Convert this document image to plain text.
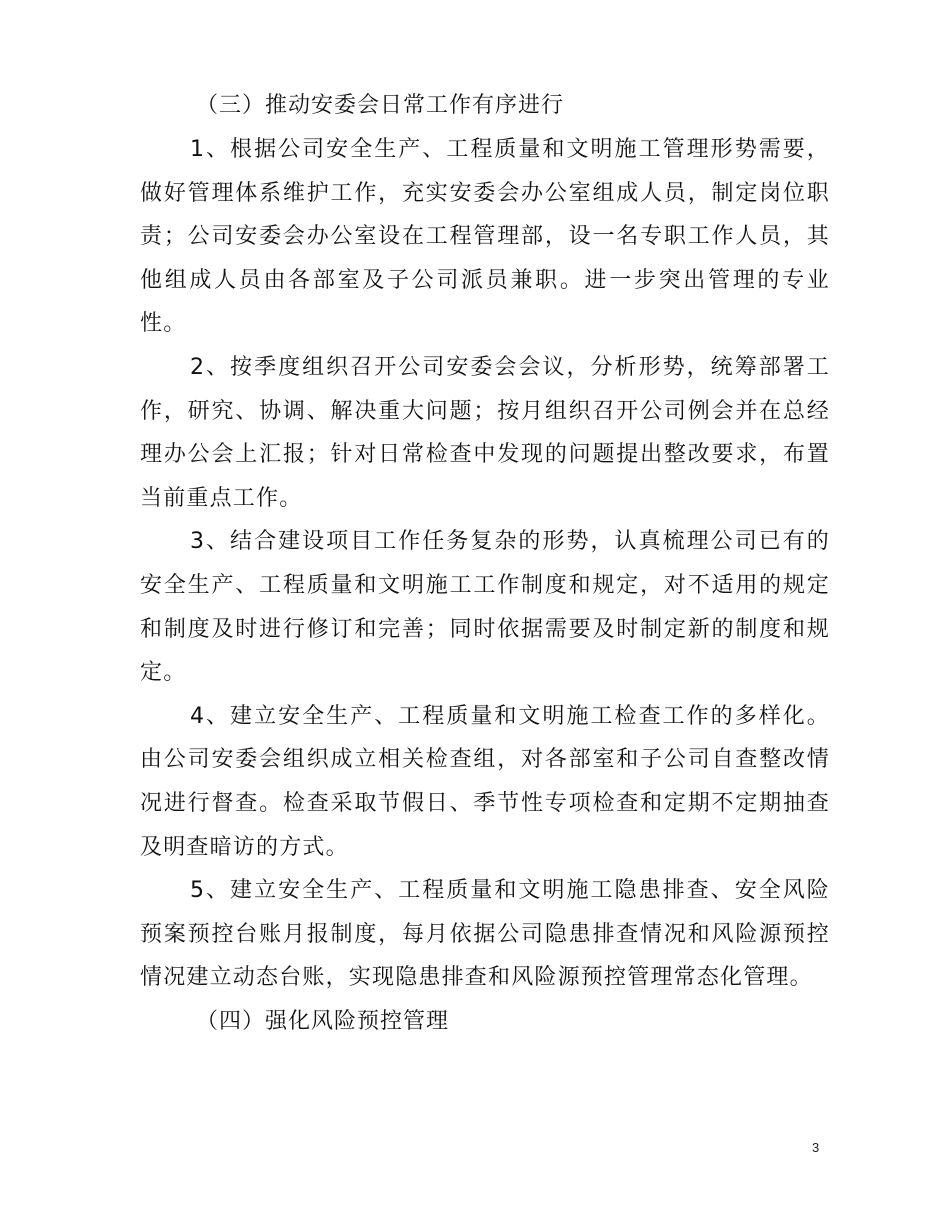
（三）推动安委会日常工作有序进行

1、根据公司安全生产、工程质量和文明施工管理形势需要，做好管理体系维护工作，充实安委会办公室组成人员，制定岗位职责；公司安委会办公室设在工程管理部，设一名专职工作人员，其他组成人员由各部室及子公司派员兼职。进一步突出管理的专业性。

2、按季度组织召开公司安委会会议，分析形势，统筹部署工作，研究、协调、解决重大问题；按月组织召开公司例会并在总经理办公会上汇报；针对日常检查中发现的问题提出整改要求，布置当前重点工作。

3、结合建设项目工作任务复杂的形势，认真梳理公司已有的安全生产、工程质量和文明施工工作制度和规定，对不适用的规定和制度及时进行修订和完善；同时依据需要及时制定新的制度和规定。

4、建立安全生产、工程质量和文明施工检查工作的多样化。由公司安委会组织成立相关检查组，对各部室和子公司自查整改情况进行督查。检查采取节假日、季节性专项检查和定期不定期抽查及明查暗访的方式。

5、建立安全生产、工程质量和文明施工隐患排查、安全风险预案预控台账月报制度，每月依据公司隐患排查情况和风险源预控情况建立动态台账，实现隐患排查和风险源预控管理常态化管理。

（四）强化风险预控管理
3
